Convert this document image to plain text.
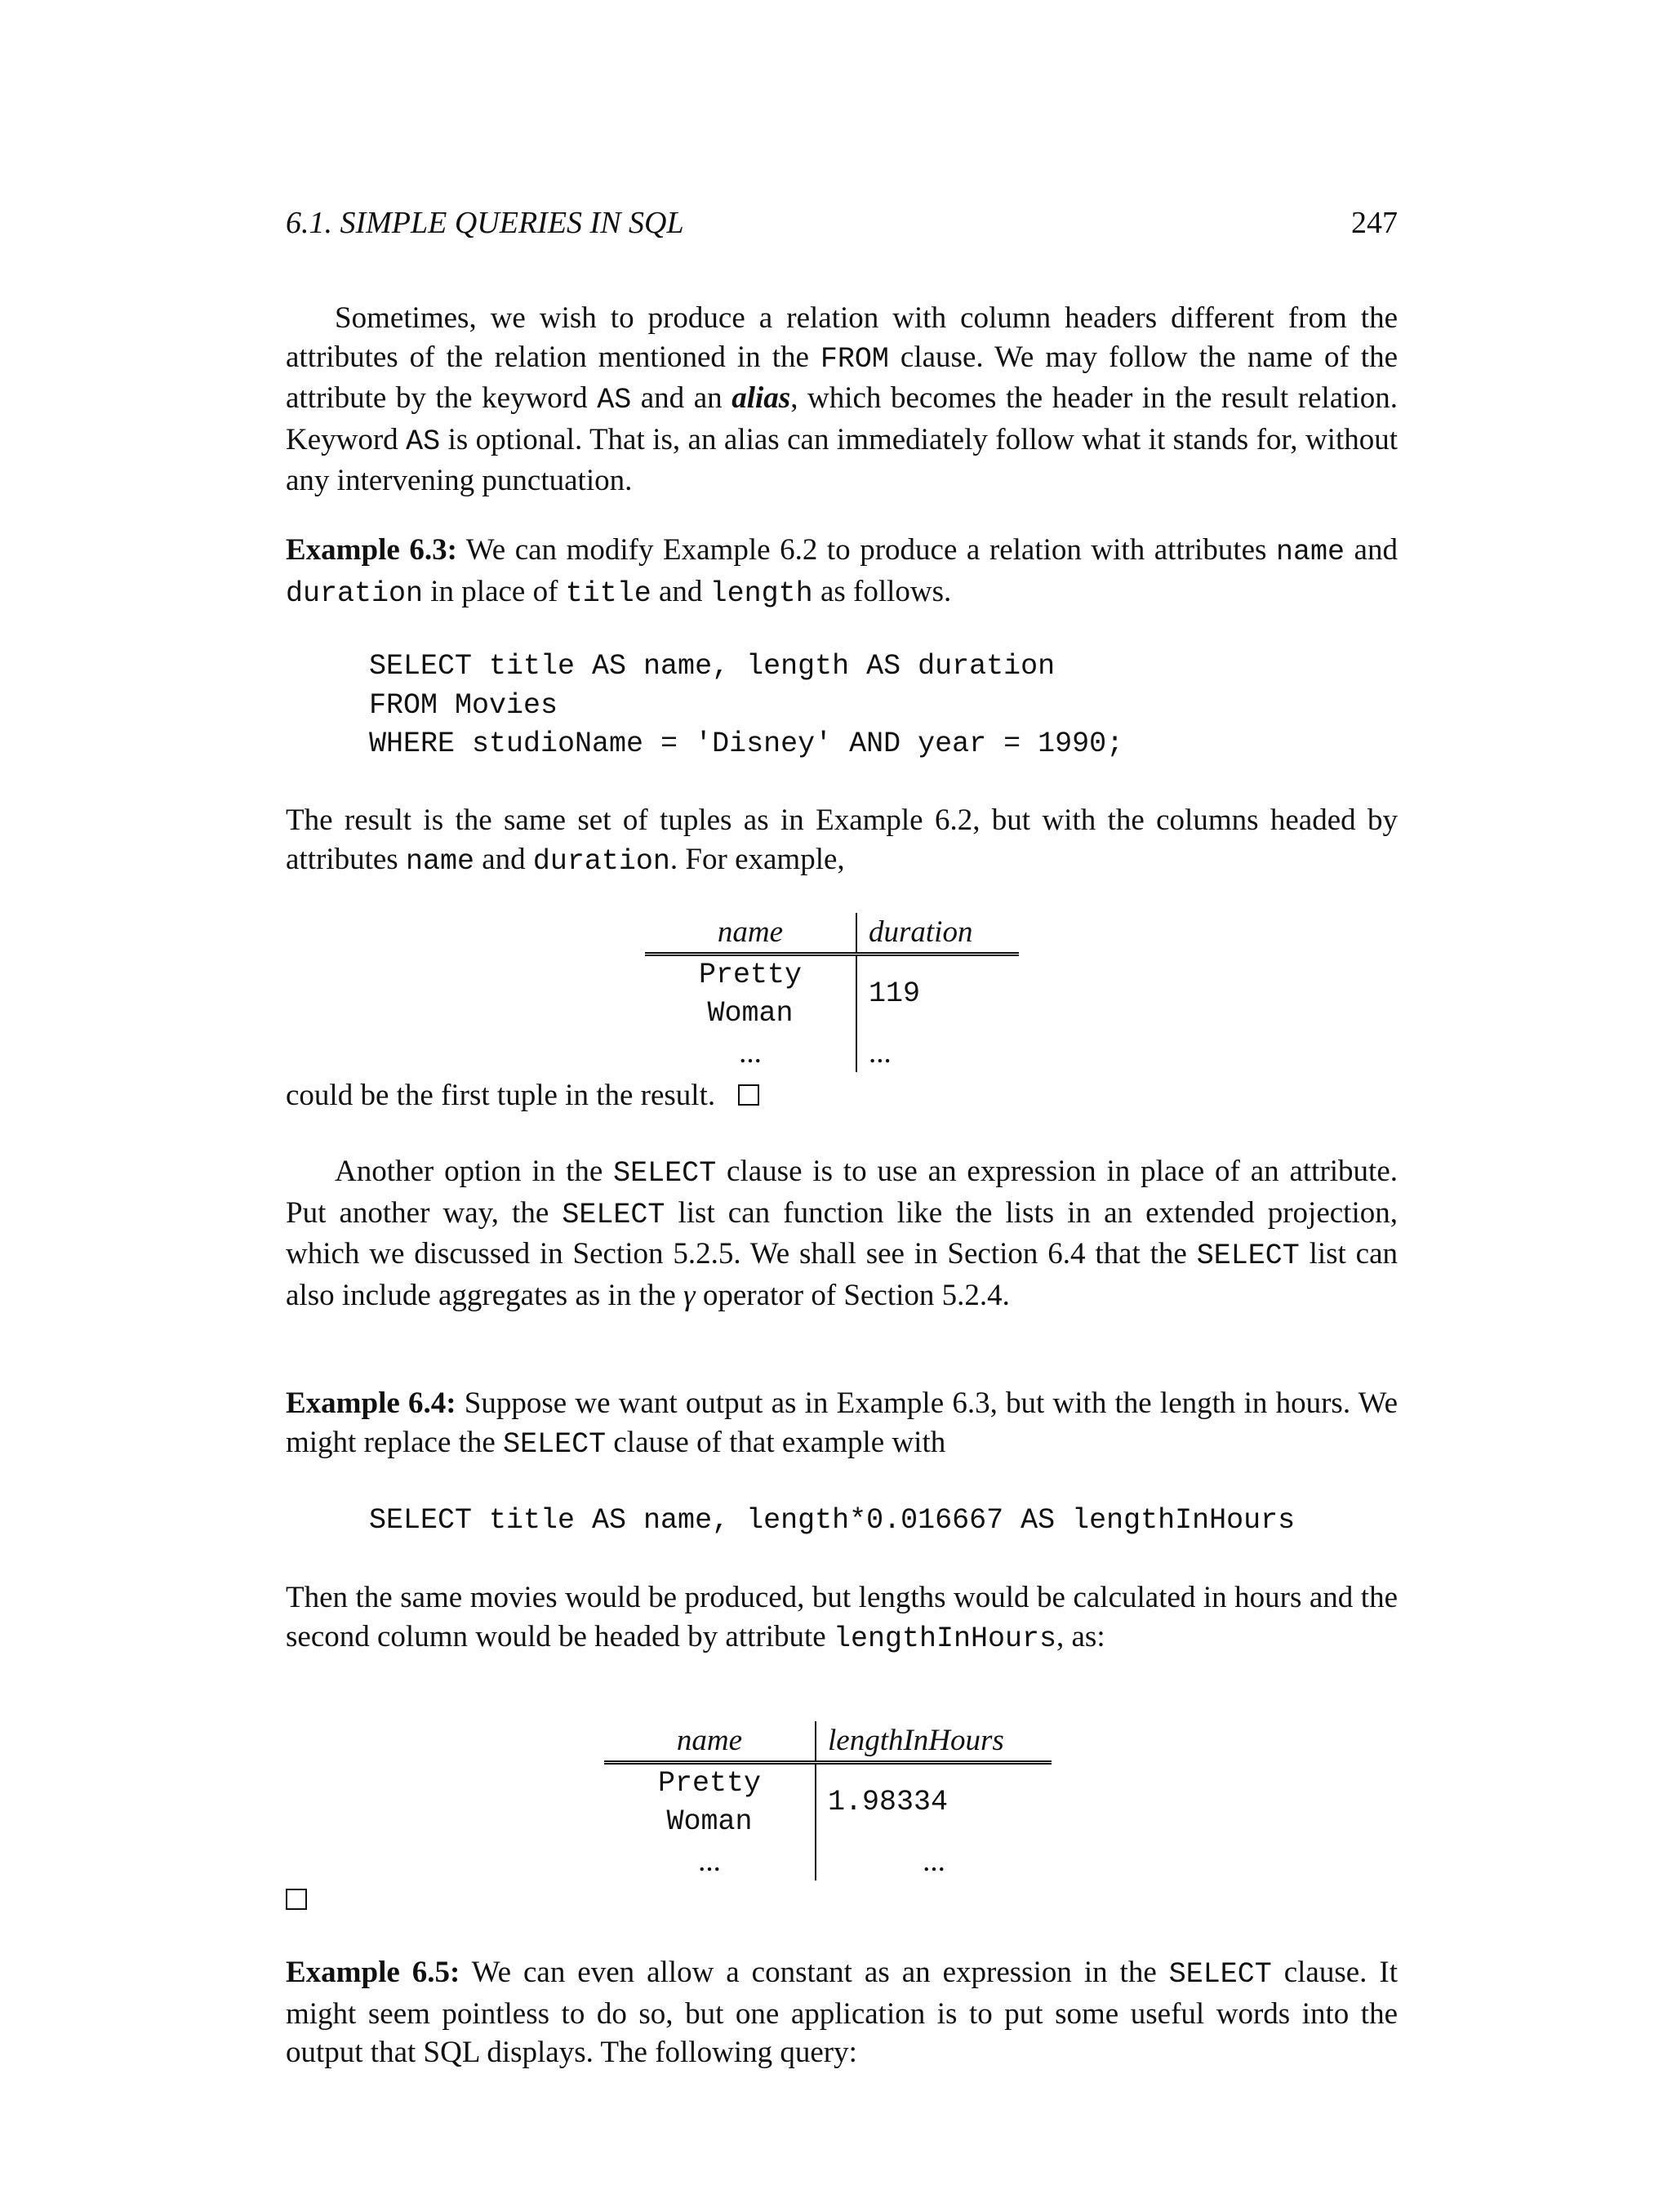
6.1. SIMPLE QUERIES IN SQL	247

Sometimes, we wish to produce a relation with column headers different from the attributes of the relation mentioned in the FROM clause. We may follow the name of the attribute by the keyword AS and an alias, which becomes the header in the result relation. Keyword AS is optional. That is, an alias can immediately follow what it stands for, without any intervening punctuation.

Example 6.3: We can modify Example 6.2 to produce a relation with attributes name and duration in place of title and length as follows.

SELECT title AS name, length AS duration
FROM Movies
WHERE studioName = 'Disney' AND year = 1990;

The result is the same set of tuples as in Example 6.2, but with the columns headed by attributes name and duration. For example,

name	duration
Pretty Woman	119
...	...

could be the first tuple in the result.

Another option in the SELECT clause is to use an expression in place of an attribute. Put another way, the SELECT list can function like the lists in an extended projection, which we discussed in Section 5.2.5. We shall see in Section 6.4 that the SELECT list can also include aggregates as in the γ operator of Section 5.2.4.

Example 6.4: Suppose we want output as in Example 6.3, but with the length in hours. We might replace the SELECT clause of that example with

SELECT title AS name, length*0.016667 AS lengthInHours

Then the same movies would be produced, but lengths would be calculated in hours and the second column would be headed by attribute lengthInHours, as:

name	lengthInHours
Pretty Woman	1.98334
...	...

Example 6.5: We can even allow a constant as an expression in the SELECT clause. It might seem pointless to do so, but one application is to put some useful words into the output that SQL displays. The following query:
